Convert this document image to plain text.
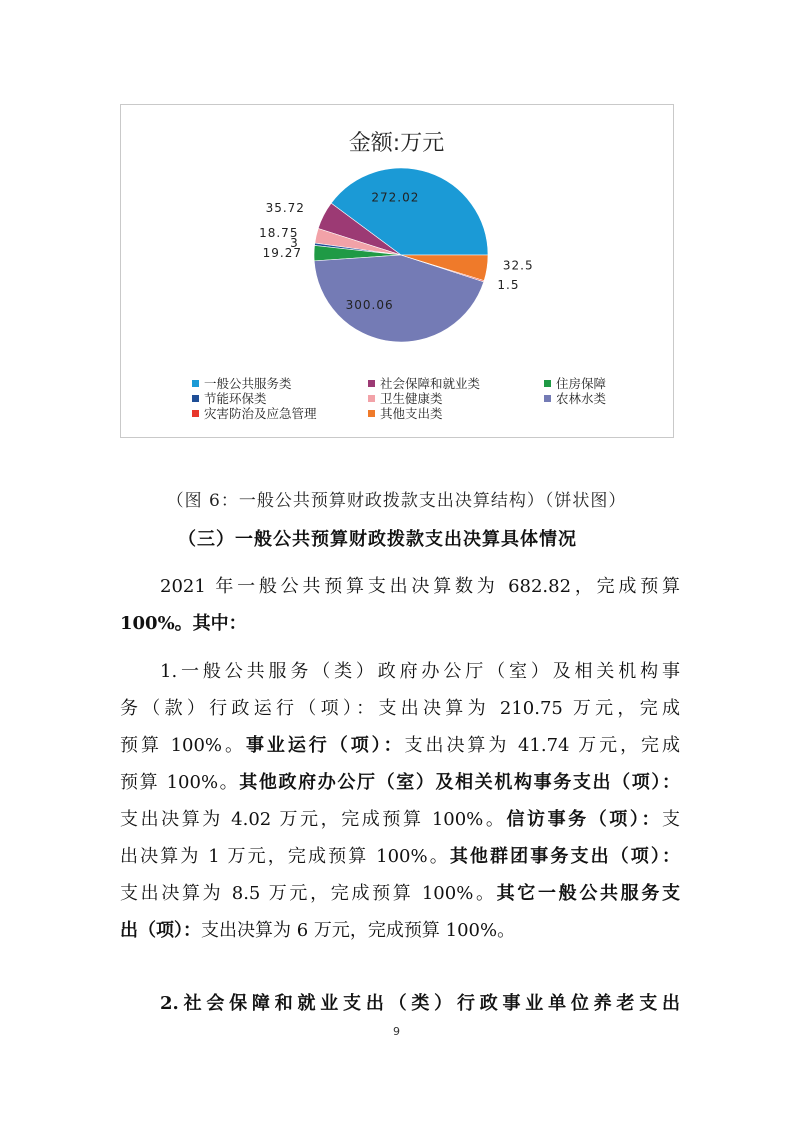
272.02
35.72
18.75
3
19.27
300.06
1.5
32.5
金额:万元
一般公共服务类	社会保障和就业类	住房保障
节能环保类	卫生健康类	农林水类
灾害防治及应急管理	其他支出类
（图 6：一般公共预算财政拨款支出决算结构）（饼状图）
（三）一般公共预算财政拨款支出决算具体情况
2021 年一般公共预算支出决算数为 682.82，完成预算
100%。其中：
1.一般公共服务（类）政府办公厅（室）及相关机构事
务（款）行政运行（项）：支出决算为 210.75 万元，完成
预算 100%。事业运行（项）：支出决算为 41.74 万元，完成
预算 100%。其他政府办公厅（室）及相关机构事务支出（项）：
支出决算为 4.02 万元，完成预算 100%。信访事务（项）：支
出决算为 1 万元，完成预算 100%。其他群团事务支出（项）：
支出决算为 8.5 万元，完成预算 100%。其它一般公共服务支
出（项）：支出决算为 6 万元，完成预算 100%。
2.社会保障和就业支出（类）行政事业单位养老支出
9
